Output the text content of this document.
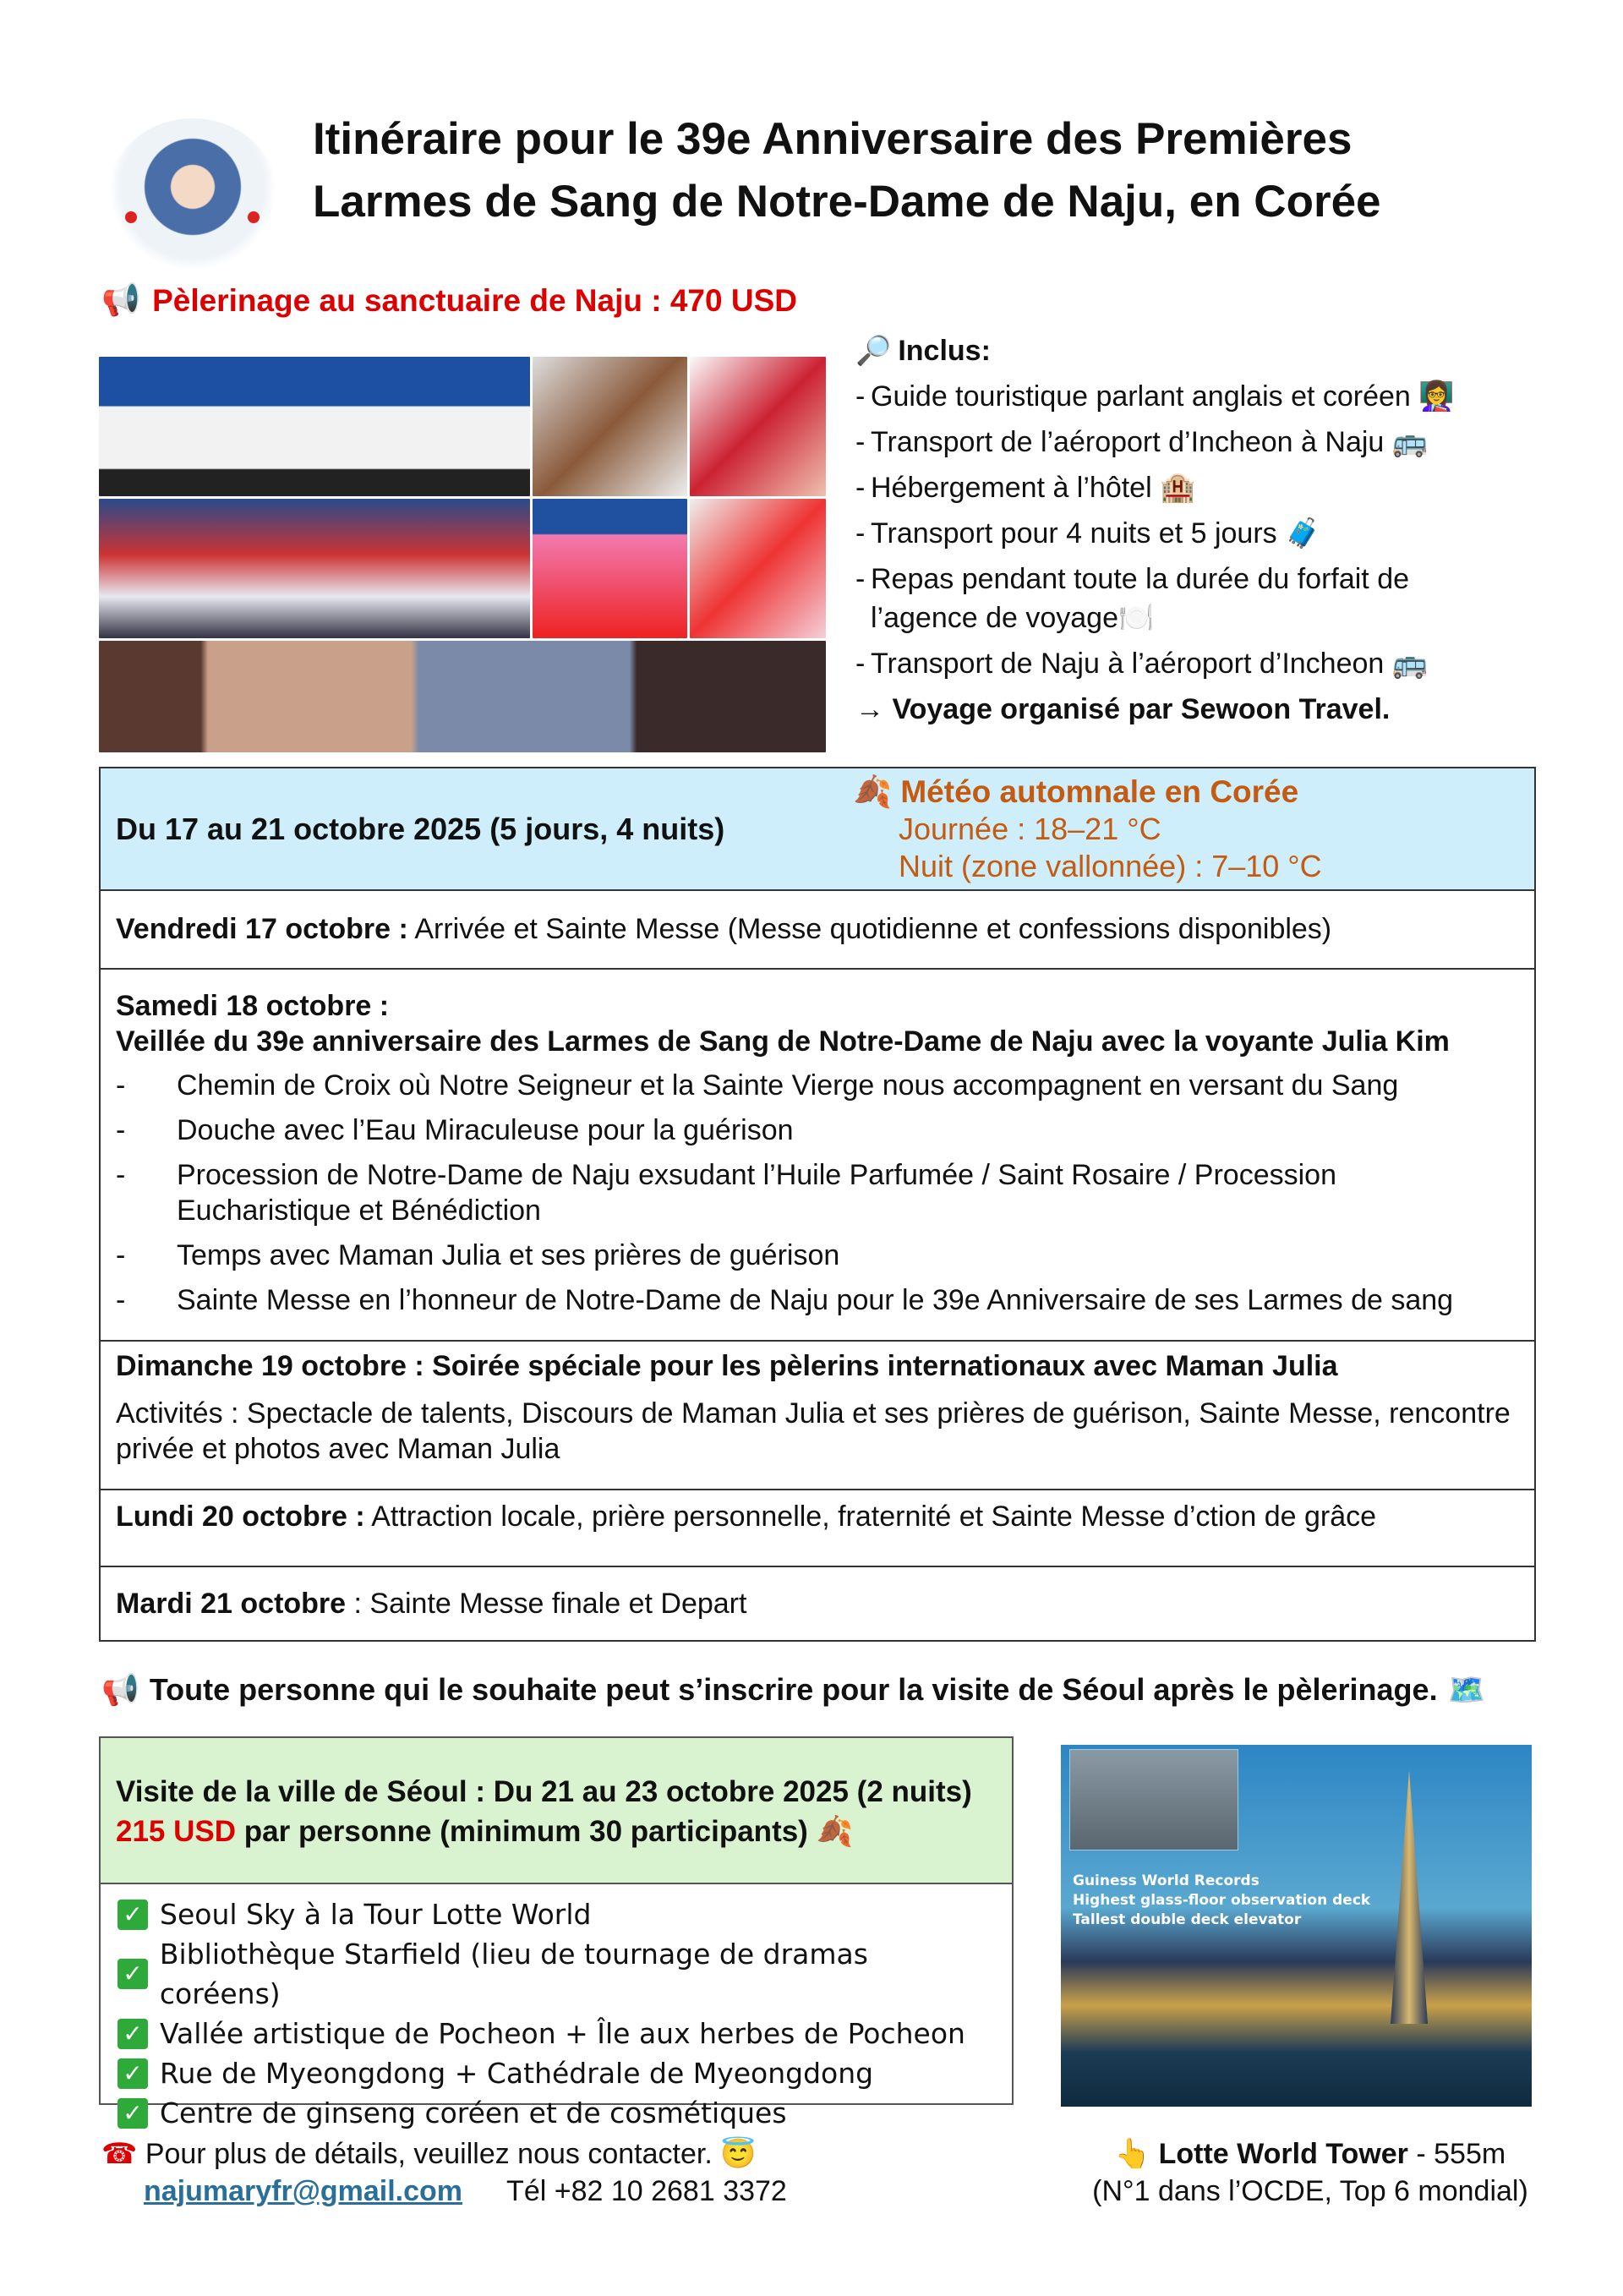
Itinéraire pour le 39e Anniversaire des Premières
Larmes de Sang de Notre-Dame de Naju, en Corée
📢 Pèlerinage au sanctuaire de Naju : 470 USD
🔎 Inclus:
- Guide touristique parlant anglais et coréen 👩‍🏫
- Transport de l’aéroport d’Incheon à Naju 🚌
- Hébergement à l’hôtel 🏨
- Transport pour 4 nuits et 5 jours 🧳
- Repas pendant toute la durée du forfait de l’agence de voyage🍽️
- Transport de Naju à l’aéroport d’Incheon 🚌
→ Voyage organisé par Sewoon Travel.
Du 17 au 21 octobre 2025 (5 jours, 4 nuits)
🍂 Météo automnale en Corée
Journée : 18–21 °C
Nuit (zone vallonnée) : 7–10 °C
Vendredi 17 octobre : Arrivée et Sainte Messe (Messe quotidienne et confessions disponibles)
Samedi 18 octobre :
Veillée du 39e anniversaire des Larmes de Sang de Notre-Dame de Naju avec la voyante Julia Kim
-	Chemin de Croix où Notre Seigneur et la Sainte Vierge nous accompagnent en versant du Sang
-	Douche avec l’Eau Miraculeuse pour la guérison
-	Procession de Notre-Dame de Naju exsudant l’Huile Parfumée / Saint Rosaire / Procession Eucharistique et Bénédiction
-	Temps avec Maman Julia et ses prières de guérison
-	Sainte Messe en l’honneur de Notre-Dame de Naju pour le 39e Anniversaire de ses Larmes de sang
Dimanche 19 octobre : Soirée spéciale pour les pèlerins internationaux avec Maman Julia
Activités : Spectacle de talents, Discours de Maman Julia et ses prières de guérison, Sainte Messe, rencontre privée et photos avec Maman Julia
Lundi 20 octobre : Attraction locale, prière personnelle, fraternité et Sainte Messe d’ction de grâce
Mardi 21 octobre : Sainte Messe finale et Depart
📢 Toute personne qui le souhaite peut s’inscrire pour la visite de Séoul après le pèlerinage. 🗺️
Visite de la ville de Séoul : Du 21 au 23 octobre 2025 (2 nuits)
215 USD par personne (minimum 30 participants) 🍂
✓ Seoul Sky à la Tour Lotte World
✓
Bibliothèque Starfield (lieu de tournage de dramas coréens)
✓ Vallée artistique de Pocheon + Île aux herbes de Pocheon
✓ Rue de Myeongdong + Cathédrale de Myeongdong
✓ Centre de ginseng coréen et de cosmétiques
Guiness World Records
Highest glass-floor observation deck
Tallest double deck elevator
👆 Lotte World Tower - 555m
(N°1 dans l’OCDE, Top 6 mondial)
☎ Pour plus de détails, veuillez nous contacter. 😇
najumaryfr@gmail.com Tél +82 10 2681 3372
